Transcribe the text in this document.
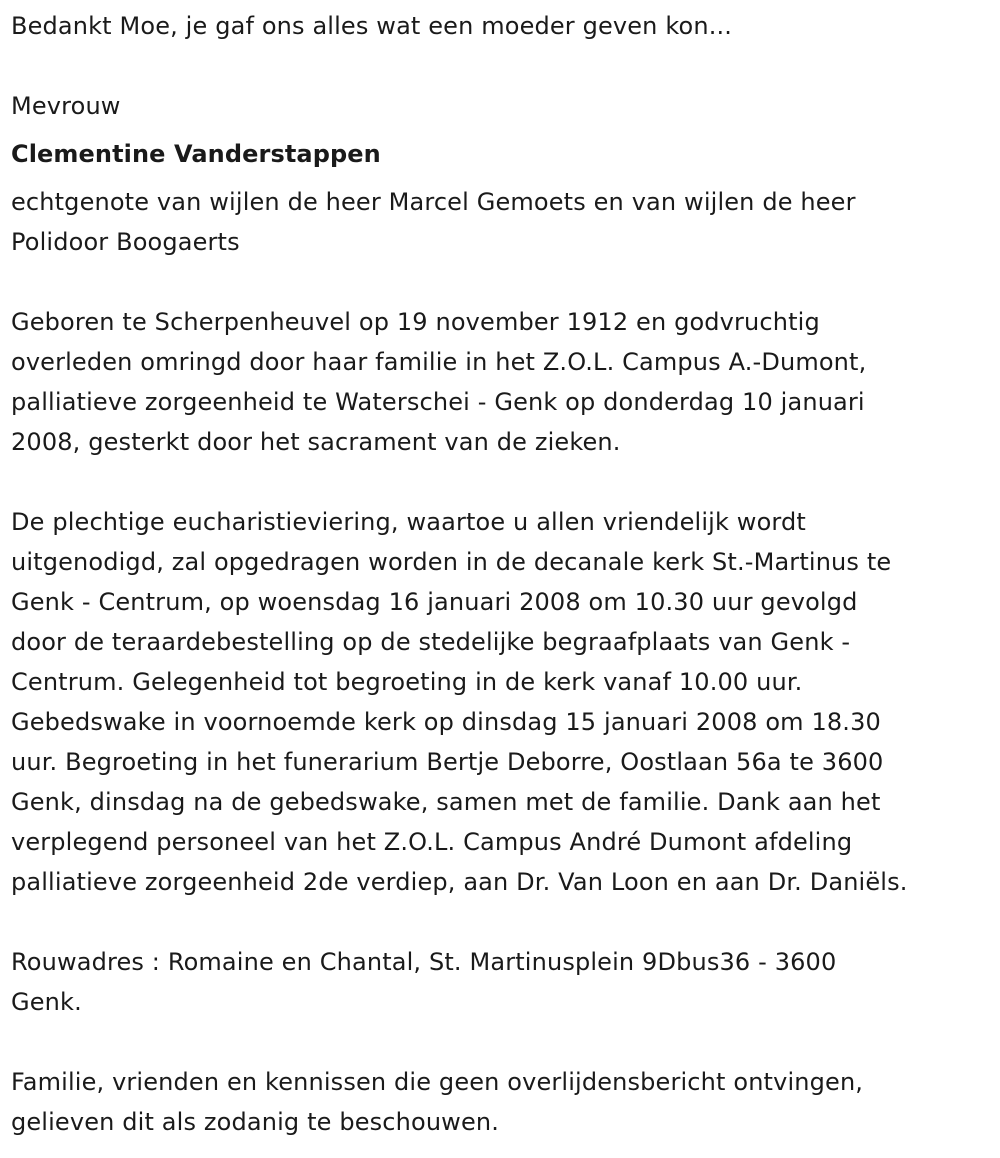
Bedankt Moe, je gaf ons alles wat een moeder geven kon...
Mevrouw
Clementine Vanderstappen
echtgenote van wijlen de heer Marcel Gemoets en van wijlen de heer
Polidoor Boogaerts
Geboren te Scherpenheuvel op 19 november 1912 en godvruchtig
overleden omringd door haar familie in het Z.O.L. Campus A.-Dumont,
palliatieve zorgeenheid te Waterschei - Genk op donderdag 10 januari
2008, gesterkt door het sacrament van de zieken.
De plechtige eucharistieviering, waartoe u allen vriendelijk wordt
uitgenodigd, zal opgedragen worden in de decanale kerk St.-Martinus te
Genk - Centrum, op woensdag 16 januari 2008 om 10.30 uur gevolgd
door de teraardebestelling op de stedelijke begraafplaats van Genk -
Centrum. Gelegenheid tot begroeting in de kerk vanaf 10.00 uur.
Gebedswake in voornoemde kerk op dinsdag 15 januari 2008 om 18.30
uur. Begroeting in het funerarium Bertje Deborre, Oostlaan 56a te 3600
Genk, dinsdag na de gebedswake, samen met de familie. Dank aan het
verplegend personeel van het Z.O.L. Campus André Dumont afdeling
palliatieve zorgeenheid 2de verdiep, aan Dr. Van Loon en aan Dr. Daniëls.
Rouwadres : Romaine en Chantal, St. Martinusplein 9Dbus36 - 3600
Genk.
Familie, vrienden en kennissen die geen overlijdensbericht ontvingen,
gelieven dit als zodanig te beschouwen.
